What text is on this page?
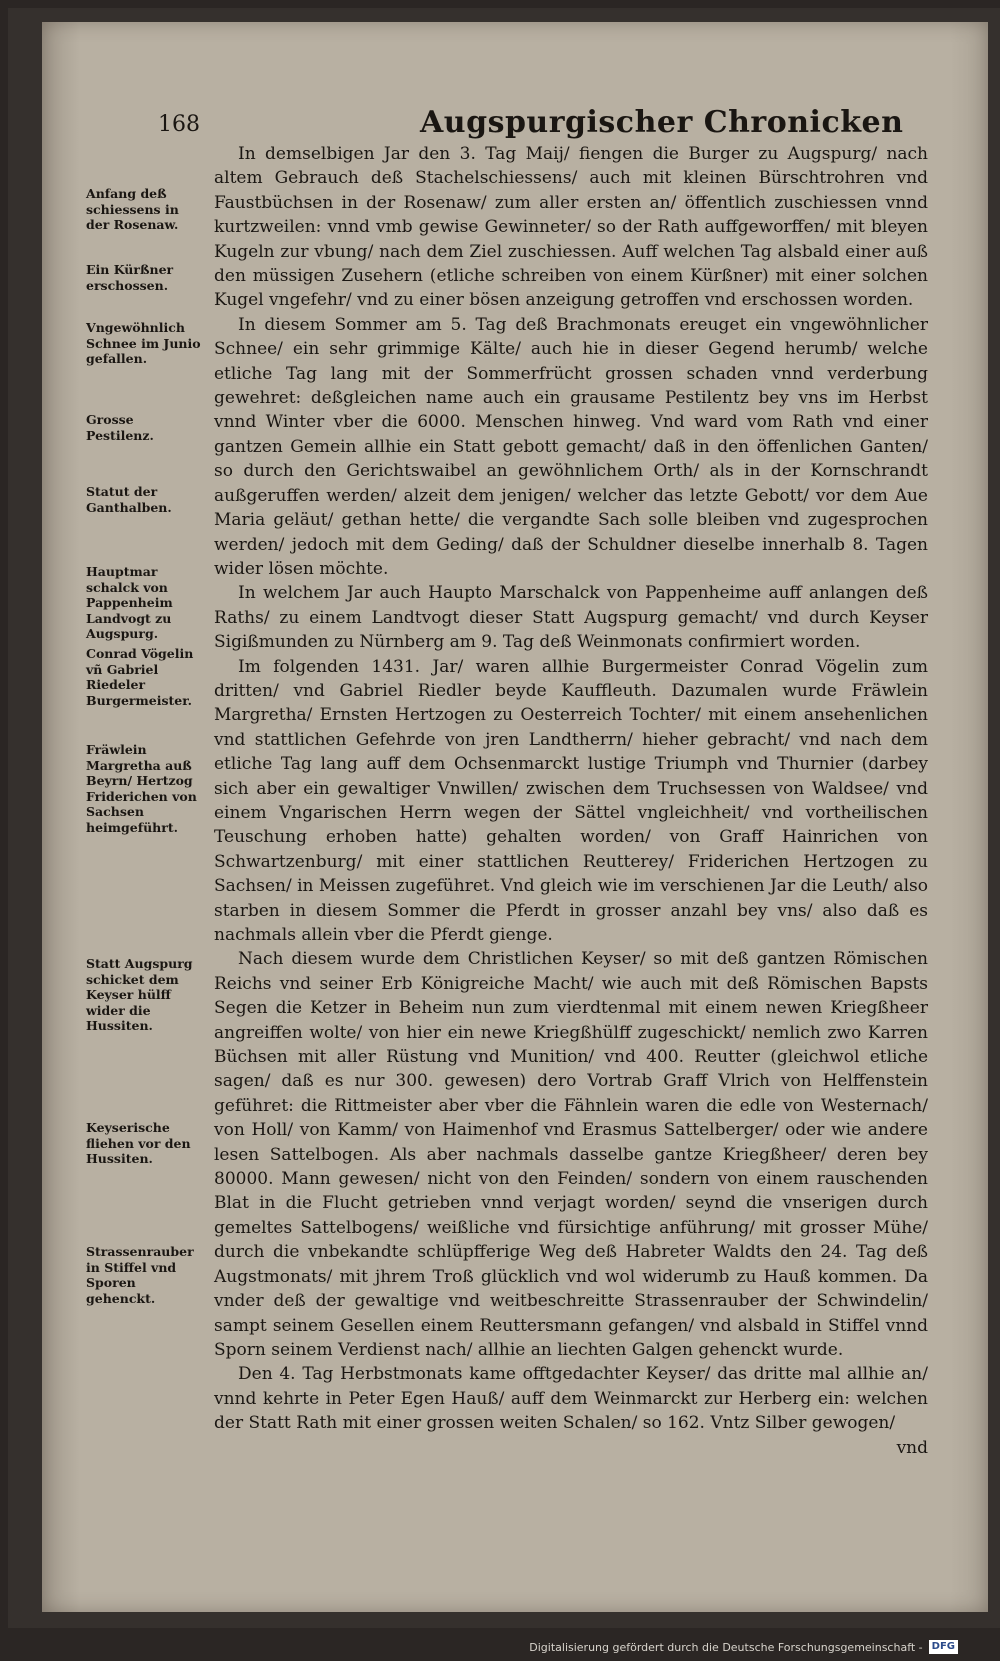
168	Augspurgischer Chronicken
Anfang deß schiessens in der Rosenaw.
Ein Kürßner erschossen.
Vngewöhnlich Schnee im Junio gefallen.
Grosse Pestilenz.
Statut der Ganthalben.
Hauptmar schalck von Pappenheim Landvogt zu Augspurg.
Conrad Vögelin vñ Gabriel Riedeler Burgermeister.
Fräwlein Margretha auß Beyrn/ Hertzog Friderichen von Sachsen heimgeführt.
Statt Augspurg schicket dem Keyser hülff wider die Hussiten.
Keyserische fliehen vor den Hussiten.
Strassenrauber in Stiffel vnd Sporen gehenckt.

In demselbigen Jar den 3. Tag Maij/ fiengen die Burger zu Augspurg/ nach altem Gebrauch deß Stachelschiessens/ auch mit kleinen Bürschtrohren vnd Faustbüchsen in der Rosenaw/ zum aller ersten an/ öffentlich zuschiessen vnnd kurtzweilen: vnnd vmb gewise Gewinneter/ so der Rath auffgeworffen/ mit bleyen Kugeln zur vbung/ nach dem Ziel zuschiessen. Auff welchen Tag alsbald einer auß den müssigen Zusehern (etliche schreiben von einem Kürßner) mit einer solchen Kugel vngefehr/ vnd zu einer bösen anzeigung getroffen vnd erschossen worden.

In diesem Sommer am 5. Tag deß Brachmonats ereuget ein vngewöhnlicher Schnee/ ein sehr grimmige Kälte/ auch hie in dieser Gegend herumb/ welche etliche Tag lang mit der Sommerfrücht grossen schaden vnnd verderbung gewehret: deßgleichen name auch ein grausame Pestilentz bey vns im Herbst vnnd Winter vber die 6000. Menschen hinweg. Vnd ward vom Rath vnd einer gantzen Gemein allhie ein Statt gebott gemacht/ daß in den öffenlichen Ganten/ so durch den Gerichtswaibel an gewöhnlichem Orth/ als in der Kornschrandt außgeruffen werden/ alzeit dem jenigen/ welcher das letzte Gebott/ vor dem Aue Maria geläut/ gethan hette/ die vergandte Sach solle bleiben vnd zugesprochen werden/ jedoch mit dem Geding/ daß der Schuldner dieselbe innerhalb 8. Tagen wider lösen möchte.

In welchem Jar auch Haupto Marschalck von Pappenheime auff anlangen deß Raths/ zu einem Landtvogt dieser Statt Augspurg gemacht/ vnd durch Keyser Sigißmunden zu Nürnberg am 9. Tag deß Weinmonats confirmiert worden.

Im folgenden 1431. Jar/ waren allhie Burgermeister Conrad Vögelin zum dritten/ vnd Gabriel Riedler beyde Kauffleuth. Dazumalen wurde Fräwlein Margretha/ Ernsten Hertzogen zu Oesterreich Tochter/ mit einem ansehenlichen vnd stattlichen Gefehrde von jren Landtherrn/ hieher gebracht/ vnd nach dem etliche Tag lang auff dem Ochsenmarckt lustige Triumph vnd Thurnier (darbey sich aber ein gewaltiger Vnwillen/ zwischen dem Truchsessen von Waldsee/ vnd einem Vngarischen Herrn wegen der Sättel vngleichheit/ vnd vortheilischen Teuschung erhoben hatte) gehalten worden/ von Graff Hainrichen von Schwartzenburg/ mit einer stattlichen Reutterey/ Friderichen Hertzogen zu Sachsen/ in Meissen zugeführet. Vnd gleich wie im verschienen Jar die Leuth/ also starben in diesem Sommer die Pferdt in grosser anzahl bey vns/ also daß es nachmals allein vber die Pferdt gienge.

Nach diesem wurde dem Christlichen Keyser/ so mit deß gantzen Römischen Reichs vnd seiner Erb Königreiche Macht/ wie auch mit deß Römischen Bapsts Segen die Ketzer in Beheim nun zum vierdtenmal mit einem newen Kriegßheer angreiffen wolte/ von hier ein newe Kriegßhülff zugeschickt/ nemlich zwo Karren Büchsen mit aller Rüstung vnd Munition/ vnd 400. Reutter (gleichwol etliche sagen/ daß es nur 300. gewesen) dero Vortrab Graff Vlrich von Helffenstein geführet: die Rittmeister aber vber die Fähnlein waren die edle von Westernach/ von Holl/ von Kamm/ von Haimenhof vnd Erasmus Sattelberger/ oder wie andere lesen Sattelbogen. Als aber nachmals dasselbe gantze Kriegßheer/ deren bey 80000. Mann gewesen/ nicht von den Feinden/ sondern von einem rauschenden Blat in die Flucht getrieben vnnd verjagt worden/ seynd die vnserigen durch gemeltes Sattelbogens/ weißliche vnd fürsichtige anführung/ mit grosser Mühe/ durch die vnbekandte schlüpfferige Weg deß Habreter Waldts den 24. Tag deß Augstmonats/ mit jhrem Troß glücklich vnd wol widerumb zu Hauß kommen. Da vnder deß der gewaltige vnd weitbeschreitte Strassenrauber der Schwindelin/ sampt seinem Gesellen einem Reuttersmann gefangen/ vnd alsbald in Stiffel vnnd Sporn seinem Verdienst nach/ allhie an liechten Galgen gehenckt wurde.

Den 4. Tag Herbstmonats kame offtgedachter Keyser/ das dritte mal allhie an/ vnnd kehrte in Peter Egen Hauß/ auff dem Weinmarckt zur Herberg ein: welchen der Statt Rath mit einer grossen weiten Schalen/ so 162. Vntz Silber gewogen/

vnd

Digitalisierung gefördert durch die Deutsche Forschungsgemeinschaft - DFG
